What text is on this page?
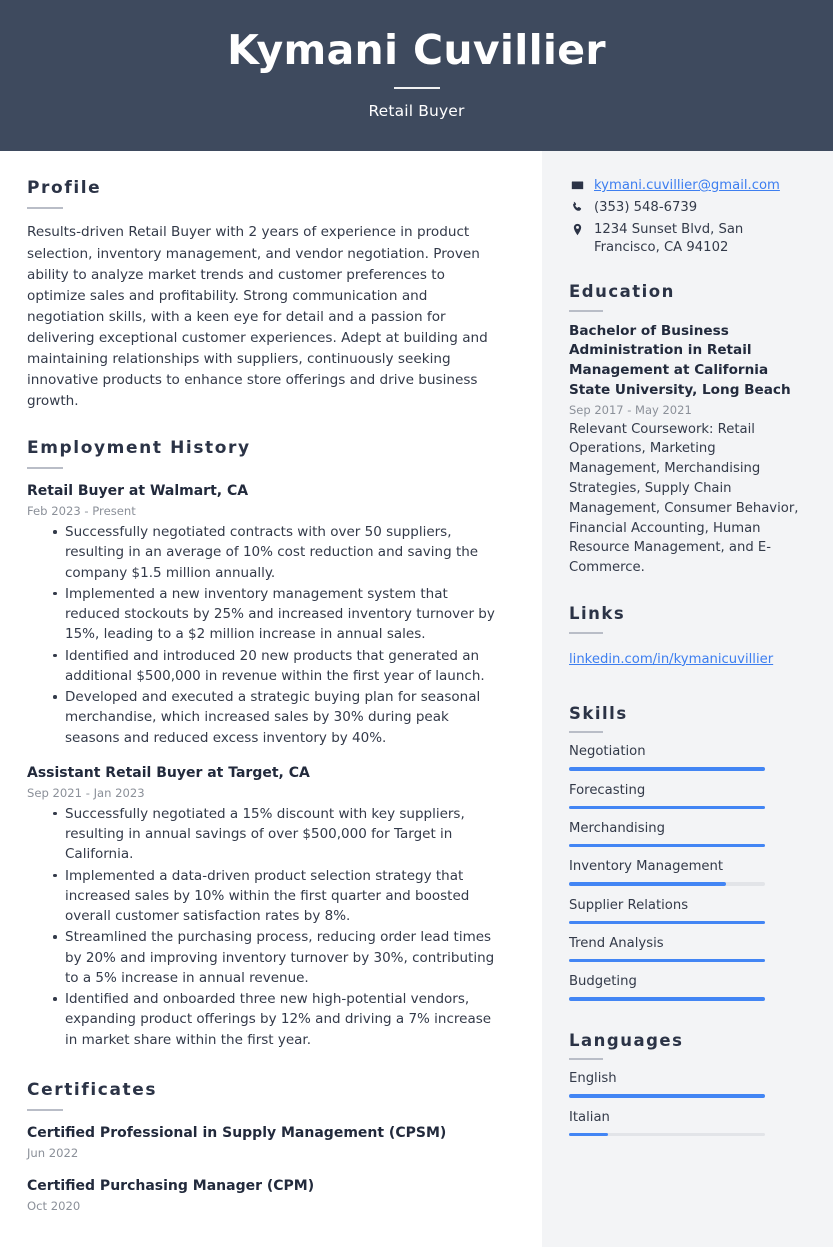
Kymani Cuvillier
Retail Buyer
Profile

Results-driven Retail Buyer with 2 years of experience in product selection, inventory management, and vendor negotiation. Proven ability to analyze market trends and customer preferences to optimize sales and profitability. Strong communication and negotiation skills, with a keen eye for detail and a passion for delivering exceptional customer experiences. Adept at building and maintaining relationships with suppliers, continuously seeking innovative products to enhance store offerings and drive business growth.

Employment History
Retail Buyer at Walmart, CA
Feb 2023 - Present
Successfully negotiated contracts with over 50 suppliers, resulting in an average of 10% cost reduction and saving the company $1.5 million annually.
Implemented a new inventory management system that reduced stockouts by 25% and increased inventory turnover by 15%, leading to a $2 million increase in annual sales.
Identified and introduced 20 new products that generated an additional $500,000 in revenue within the first year of launch.
Developed and executed a strategic buying plan for seasonal merchandise, which increased sales by 30% during peak seasons and reduced excess inventory by 40%.
Assistant Retail Buyer at Target, CA
Sep 2021 - Jan 2023
Successfully negotiated a 15% discount with key suppliers, resulting in annual savings of over $500,000 for Target in California.
Implemented a data-driven product selection strategy that increased sales by 10% within the first quarter and boosted overall customer satisfaction rates by 8%.
Streamlined the purchasing process, reducing order lead times by 20% and improving inventory turnover by 30%, contributing to a 5% increase in annual revenue.
Identified and onboarded three new high-potential vendors, expanding product offerings by 12% and driving a 7% increase in market share within the first year.
Certificates
Certified Professional in Supply Management (CPSM)
Jun 2022
Certified Purchasing Manager (CPM)
Oct 2020
kymani.cuvillier@gmail.com
(353) 548-6739
1234 Sunset Blvd, San Francisco, CA 94102
Education
Bachelor of Business Administration in Retail Management at California State University, Long Beach
Sep 2017 - May 2021

Relevant Coursework: Retail Operations, Marketing Management, Merchandising Strategies, Supply Chain Management, Consumer Behavior, Financial Accounting, Human Resource Management, and E-Commerce.

Links
linkedin.com/in/kymanicuvillier
Skills
Negotiation
Forecasting
Merchandising
Inventory Management
Supplier Relations
Trend Analysis
Budgeting
Languages
English
Italian
